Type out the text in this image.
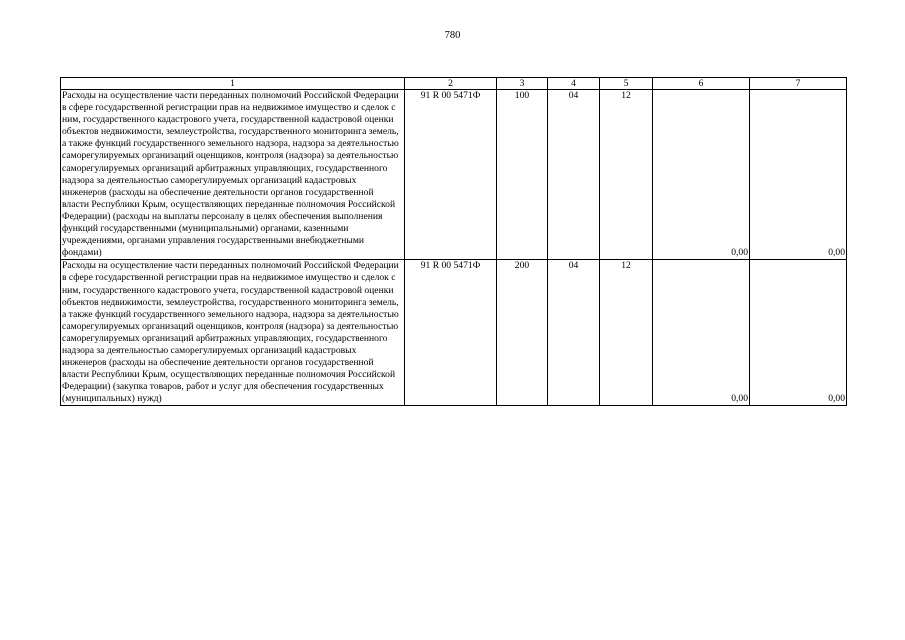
780
1	2	3	4	5	6	7
Расходы на осуществление части переданных полномочий Российской Федерации в сфере государственной регистрации прав на недвижимое имущество и сделок с ним, государственного кадастрового учета, государственной кадастровой оценки объектов недвижимости, землеустройства, государственного мониторинга земель, а также функций государственного земельного надзора, надзора за деятельностью саморегулируемых организаций оценщиков, контроля (надзора) за деятельностью саморегулируемых организаций арбитражных управляющих, государственного надзора за деятельностью саморегулируемых организаций кадастровых инженеров (расходы на обеспечение деятельности органов государственной власти Республики Крым, осуществляющих переданные полномочия Российской Федерации) (расходы на выплаты персоналу в целях обеспечения выполнения функций государственными (муниципальными) органами, казенными учреждениями, органами управления государственными внебюджетными фондами)	91 R 00 5471Ф	100	04	12	0,00	0,00
Расходы на осуществление части переданных полномочий Российской Федерации в сфере государственной регистрации прав на недвижимое имущество и сделок с ним, государственного кадастрового учета, государственной кадастровой оценки объектов недвижимости, землеустройства, государственного мониторинга земель, а также функций государственного земельного надзора, надзора за деятельностью саморегулируемых организаций оценщиков, контроля (надзора) за деятельностью саморегулируемых организаций арбитражных управляющих, государственного надзора за деятельностью саморегулируемых организаций кадастровых инженеров (расходы на обеспечение деятельности органов государственной власти Республики Крым, осуществляющих переданные полномочия Российской Федерации) (закупка товаров, работ и услуг для обеспечения государственных (муниципальных) нужд)	91 R 00 5471Ф	200	04	12	0,00	0,00
